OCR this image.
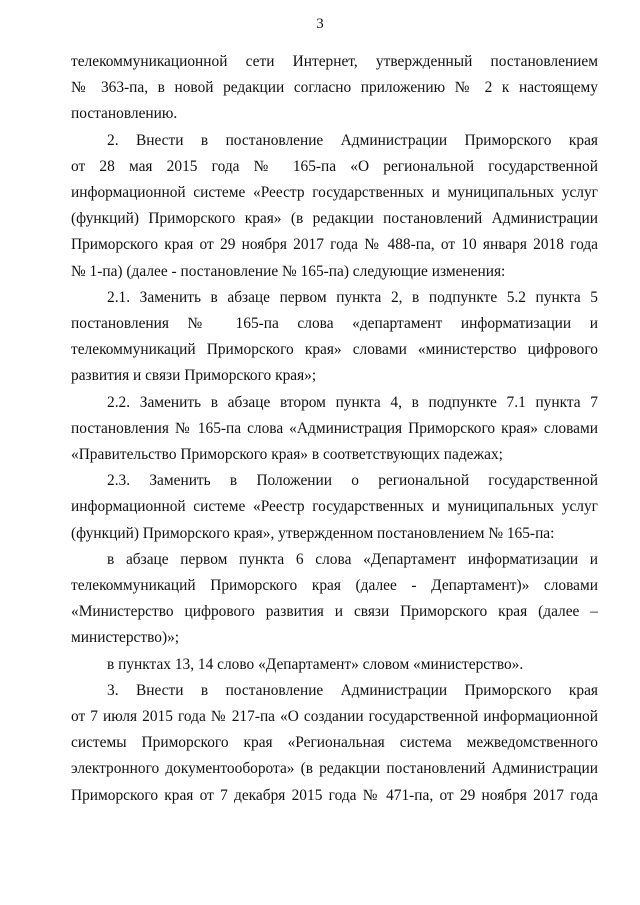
3
телекоммуникационной сети Интернет, утвержденный постановлением
№ 363-па, в новой редакции согласно приложению № 2 к настоящему
постановлению.
2. Внести в постановление Администрации Приморского края
от 28 мая 2015 года № 165-па «О региональной государственной
информационной системе «Реестр государственных и муниципальных услуг
(функций) Приморского края» (в редакции постановлений Администрации
Приморского края от 29 ноября 2017 года № 488-па, от 10 января 2018 года
№ 1-па) (далее - постановление № 165-па) следующие изменения:
2.1. Заменить в абзаце первом пункта 2, в подпункте 5.2 пункта 5
постановления № 165-па слова «департамент информатизации и
телекоммуникаций Приморского края» словами «министерство цифрового
развития и связи Приморского края»;
2.2. Заменить в абзаце втором пункта 4, в подпункте 7.1 пункта 7
постановления № 165-па слова «Администрация Приморского края» словами
«Правительство Приморского края» в соответствующих падежах;
2.3. Заменить в Положении о региональной государственной
информационной системе «Реестр государственных и муниципальных услуг
(функций) Приморского края», утвержденном постановлением № 165-па:
в абзаце первом пункта 6 слова «Департамент информатизации и
телекоммуникаций Приморского края (далее - Департамент)» словами
«Министерство цифрового развития и связи Приморского края (далее –
министерство)»;
в пунктах 13, 14 слово «Департамент» словом «министерство».
3. Внести в постановление Администрации Приморского края
от 7 июля 2015 года № 217-па «О создании государственной информационной
системы Приморского края «Региональная система межведомственного
электронного документооборота» (в редакции постановлений Администрации
Приморского края от 7 декабря 2015 года № 471-па, от 29 ноября 2017 года
